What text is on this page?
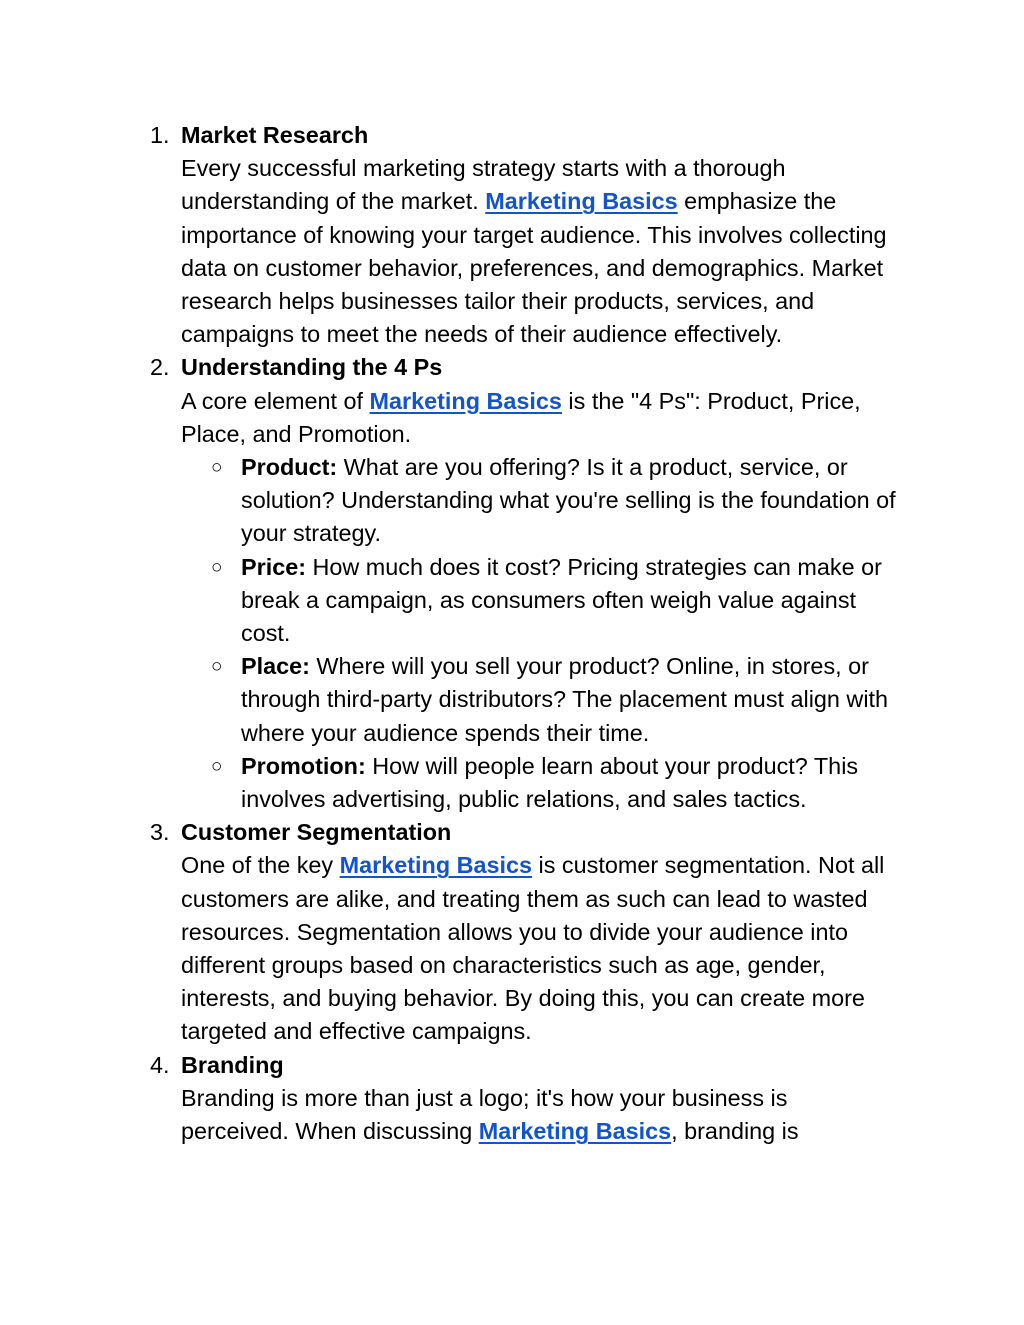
1. Market Research
Every successful marketing strategy starts with a thorough understanding of the market. Marketing Basics emphasize the importance of knowing your target audience. This involves collecting data on customer behavior, preferences, and demographics. Market research helps businesses tailor their products, services, and campaigns to meet the needs of their audience effectively.
2. Understanding the 4 Ps
A core element of Marketing Basics is the "4 Ps": Product, Price, Place, and Promotion.
○ Product: What are you offering? Is it a product, service, or solution? Understanding what you're selling is the foundation of your strategy.
○ Price: How much does it cost? Pricing strategies can make or break a campaign, as consumers often weigh value against cost.
○ Place: Where will you sell your product? Online, in stores, or through third-party distributors? The placement must align with where your audience spends their time.
○ Promotion: How will people learn about your product? This involves advertising, public relations, and sales tactics.
3. Customer Segmentation
One of the key Marketing Basics is customer segmentation. Not all customers are alike, and treating them as such can lead to wasted resources. Segmentation allows you to divide your audience into different groups based on characteristics such as age, gender, interests, and buying behavior. By doing this, you can create more targeted and effective campaigns.
4. Branding
Branding is more than just a logo; it's how your business is perceived. When discussing Marketing Basics, branding is
